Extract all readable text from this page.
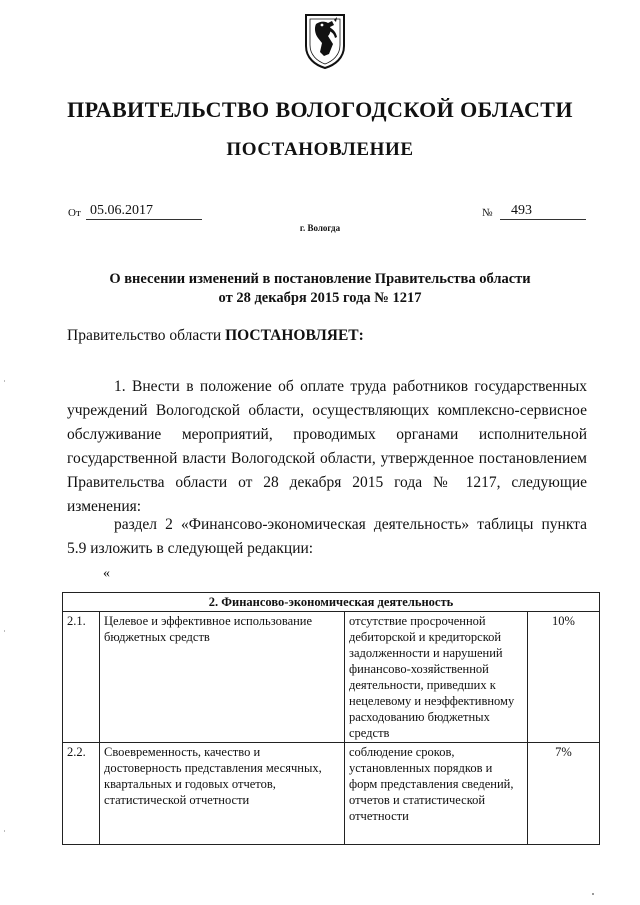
ПРАВИТЕЛЬСТВО ВОЛОГОДСКОЙ ОБЛАСТИ
ПОСТАНОВЛЕНИЕ
От 05.06.2017	№ 493
г. Вологда
О внесении изменений в постановление Правительства области
от 28 декабря 2015 года № 1217
Правительство области ПОСТАНОВЛЯЕТ:
1. Внести в положение об оплате труда работников государственных учреждений Вологодской области, осуществляющих комплексно-сервисное обслуживание мероприятий, проводимых органами исполнительной государственной власти Вологодской области, утвержденное постановлением Правительства области от 28 декабря 2015 года № 1217, следующие изменения:
раздел 2 «Финансово-экономическая деятельность» таблицы пункта 5.9 изложить в следующей редакции:
«
2. Финансово-экономическая деятельность			
2.1.	Целевое и эффективное использование бюджетных средств	отсутствие просроченной дебиторской и кредиторской задолженности и нарушений финансово-хозяйственной деятельности, приведших к нецелевому и неэффективному расходованию бюджетных средств	10%
2.2.	Своевременность, качество и достоверность представления месячных, квартальных и годовых отчетов, статистической отчетности	соблюдение сроков, установленных порядков и форм представления сведений, отчетов и статистической отчетности	7%
